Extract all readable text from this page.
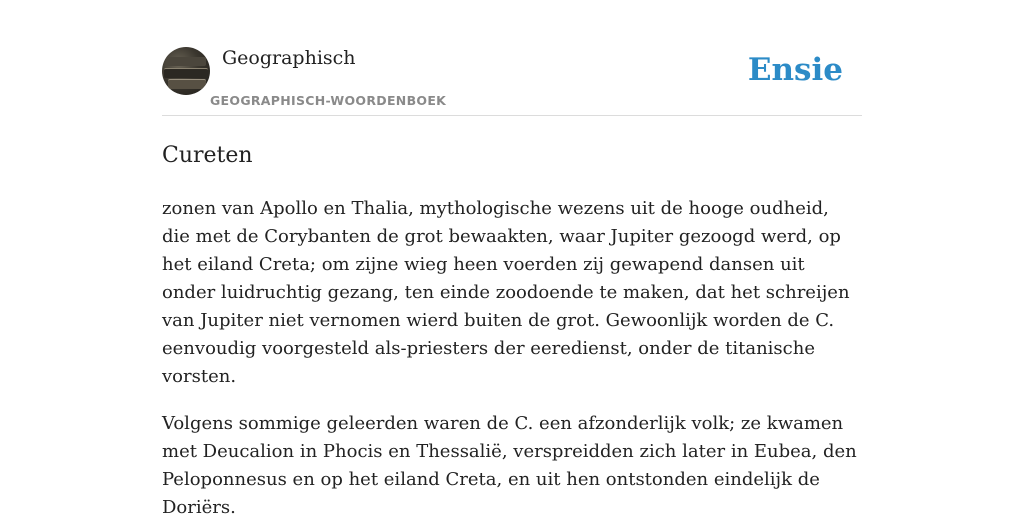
Geographisch
GEOGRAPHISCH-WOORDENBOEK
Ensie
Cureten

zonen van Apollo en Thalia, mythologische wezens uit de hooge oudheid, die met de Corybanten de grot bewaakten, waar Jupiter gezoogd werd, op het eiland Creta; om zijne wieg heen voerden zij gewapend dansen uit onder luidruchtig gezang, ten einde zoodoende te maken, dat het schreijen van Jupiter niet vernomen wierd buiten de grot. Gewoonlijk worden de C. eenvoudig voorgesteld als-priesters der eeredienst, onder de titanische vorsten.

Volgens sommige geleerden waren de C. een afzonderlijk volk; ze kwamen met Deucalion in Phocis en Thessalië, verspreidden zich later in Eubea, den Peloponnesus en op het eiland Creta, en uit hen ontstonden eindelijk de Doriërs.
